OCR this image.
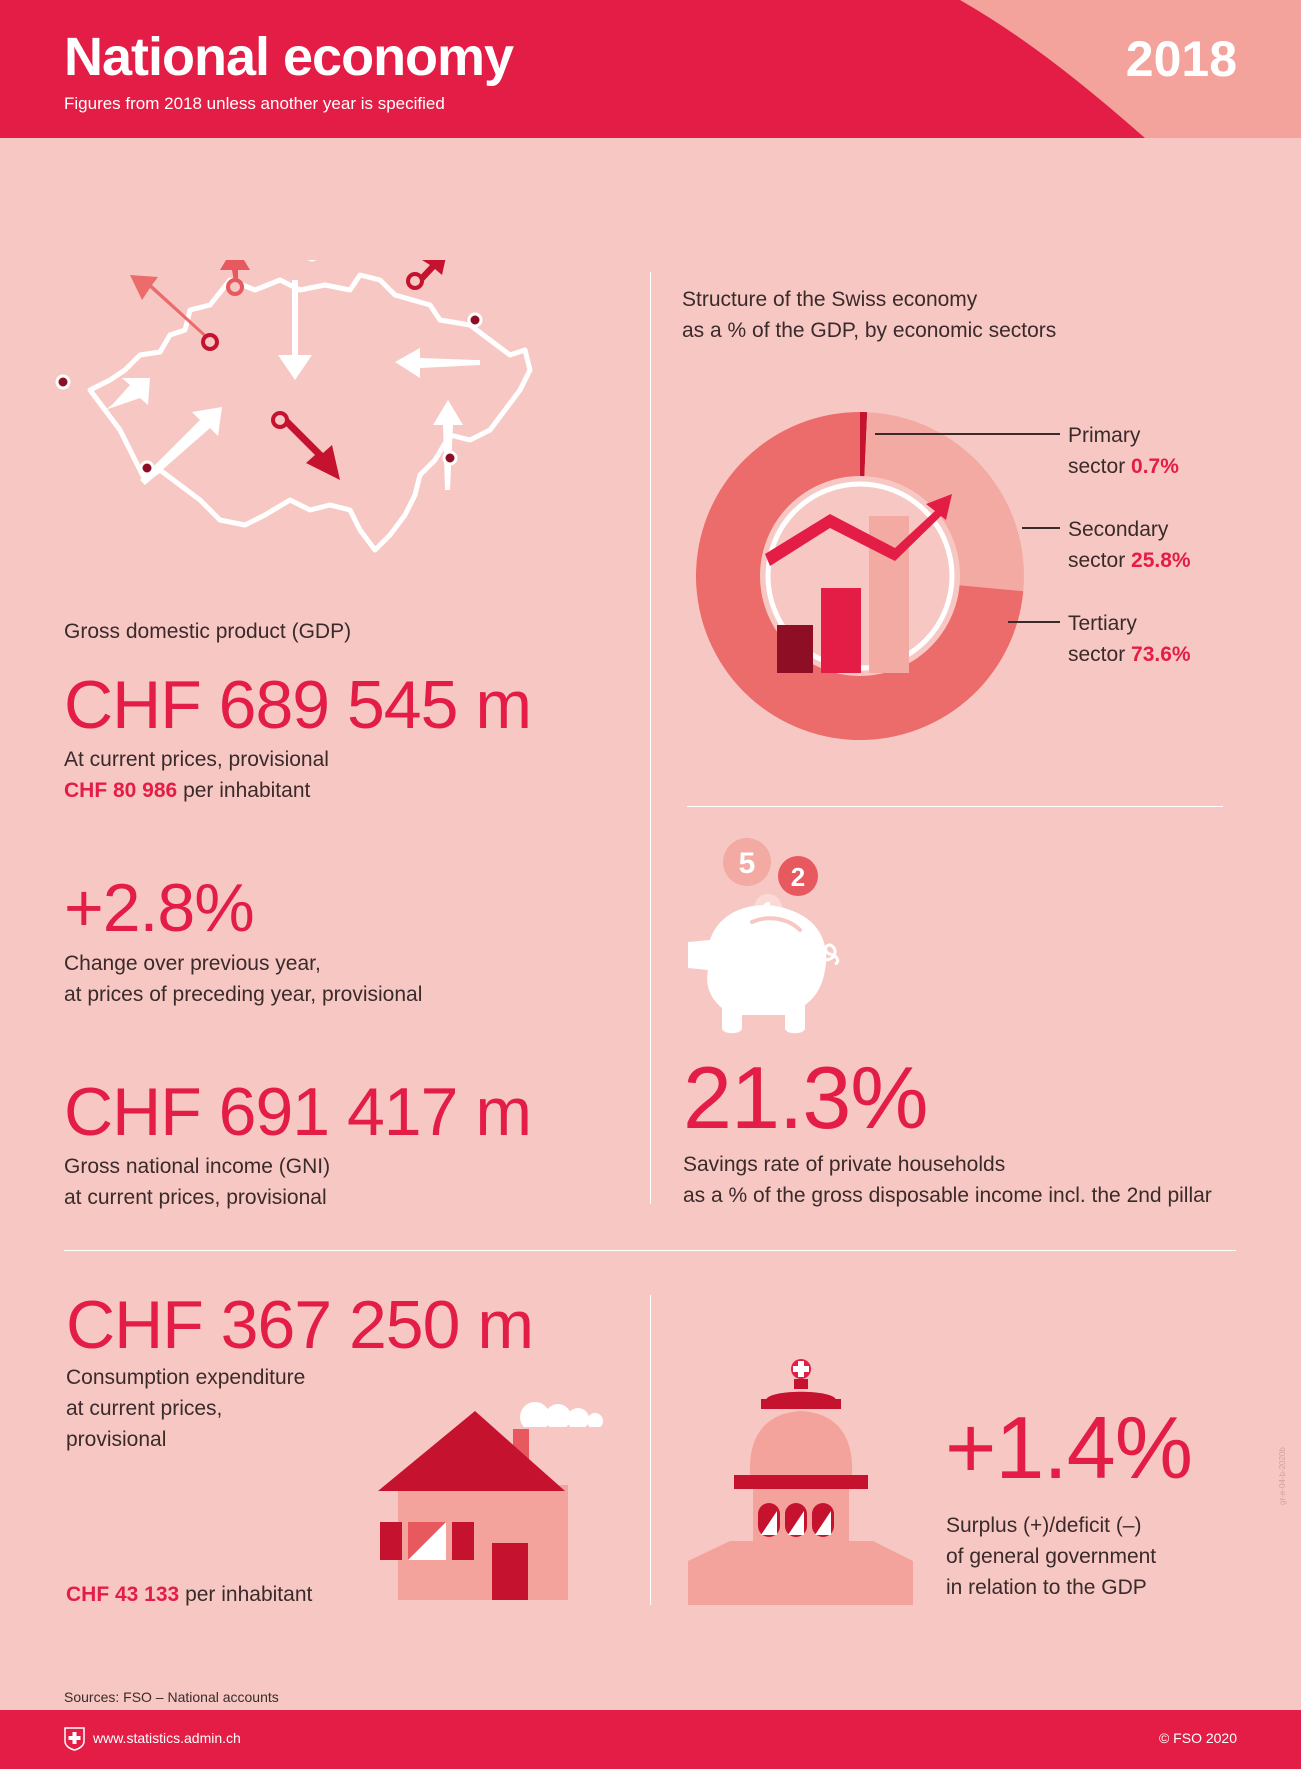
National economy
Figures from 2018 unless another year is specified
2018
Gross domestic product (GDP)
CHF 689 545 m
At current prices, provisional
CHF 80 986 per inhabitant
+2.8%
Change over previous year,
at prices of preceding year, provisional
CHF 691 417 m
Gross national income (GNI)
at current prices, provisional
Structure of the Swiss economy
as a % of the GDP, by economic sectors
Primary
sector 0.7%
Secondary
sector 25.8%
Tertiary
sector 73.6%
5 2
21.3%
Savings rate of private households
as a % of the gross disposable income incl. the 2nd pillar
CHF 367 250 m
Consumption expenditure
at current prices,
provisional
CHF 43 133 per inhabitant
+1.4%
Surplus (+)/deficit (–)
of general government
in relation to the GDP
gr-e-04-b-2020b
Sources: FSO – National accounts
www.statistics.admin.ch	© FSO 2020
